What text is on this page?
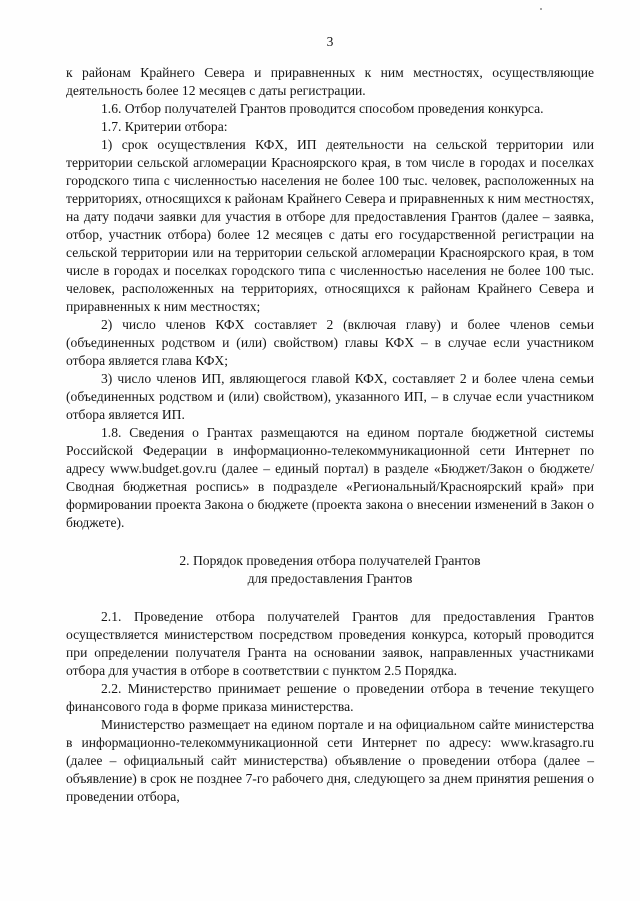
3

к районам Крайнего Севера и приравненных к ним местностях, осуществляющие деятельность более 12 месяцев с даты регистрации.

1.6. Отбор получателей Грантов проводится способом проведения конкурса.

1.7. Критерии отбора:

1) срок осуществления КФХ, ИП деятельности на сельской территории или территории сельской агломерации Красноярского края, в том числе в городах и поселках городского типа с численностью населения не более 100 тыс. человек, расположенных на территориях, относящихся к районам Крайнего Севера и приравненных к ним местностях, на дату подачи заявки для участия в отборе для предоставления Грантов (далее – заявка, отбор, участник отбора) более 12 месяцев с даты его государственной регистрации на сельской территории или на территории сельской агломерации Красноярского края, в том числе в городах и поселках городского типа с численностью населения не более 100 тыс. человек, расположенных на территориях, относящихся к районам Крайнего Севера и приравненных к ним местностях;

2) число членов КФХ составляет 2 (включая главу) и более членов семьи (объединенных родством и (или) свойством) главы КФХ – в случае если участником отбора является глава КФХ;

3) число членов ИП, являющегося главой КФХ, составляет 2 и более члена семьи (объединенных родством и (или) свойством), указанного ИП, – в случае если участником отбора является ИП.

1.8. Сведения о Грантах размещаются на едином портале бюджетной системы Российской Федерации в информационно-телекоммуникационной сети Интернет по адресу www.budget.gov.ru (далее – единый портал) в разделе «Бюджет/Закон о бюджете/Сводная бюджетная роспись» в подразделе «Региональный/Красноярский край» при формировании проекта Закона о бюджете (проекта закона о внесении изменений в Закон о бюджете).

2. Порядок проведения отбора получателей Грантов
для предоставления Грантов

2.1. Проведение отбора получателей Грантов для предоставления Грантов осуществляется министерством посредством проведения конкурса, который проводится при определении получателя Гранта на основании заявок, направленных участниками отбора для участия в отборе в соответствии с пунктом 2.5 Порядка.

2.2. Министерство принимает решение о проведении отбора в течение текущего финансового года в форме приказа министерства.

Министерство размещает на едином портале и на официальном сайте министерства в информационно-телекоммуникационной сети Интернет по адресу: www.krasagro.ru (далее – официальный сайт министерства) объявление о проведении отбора (далее – объявление) в срок не позднее 7-го рабочего дня, следующего за днем принятия решения о проведении отбора,
